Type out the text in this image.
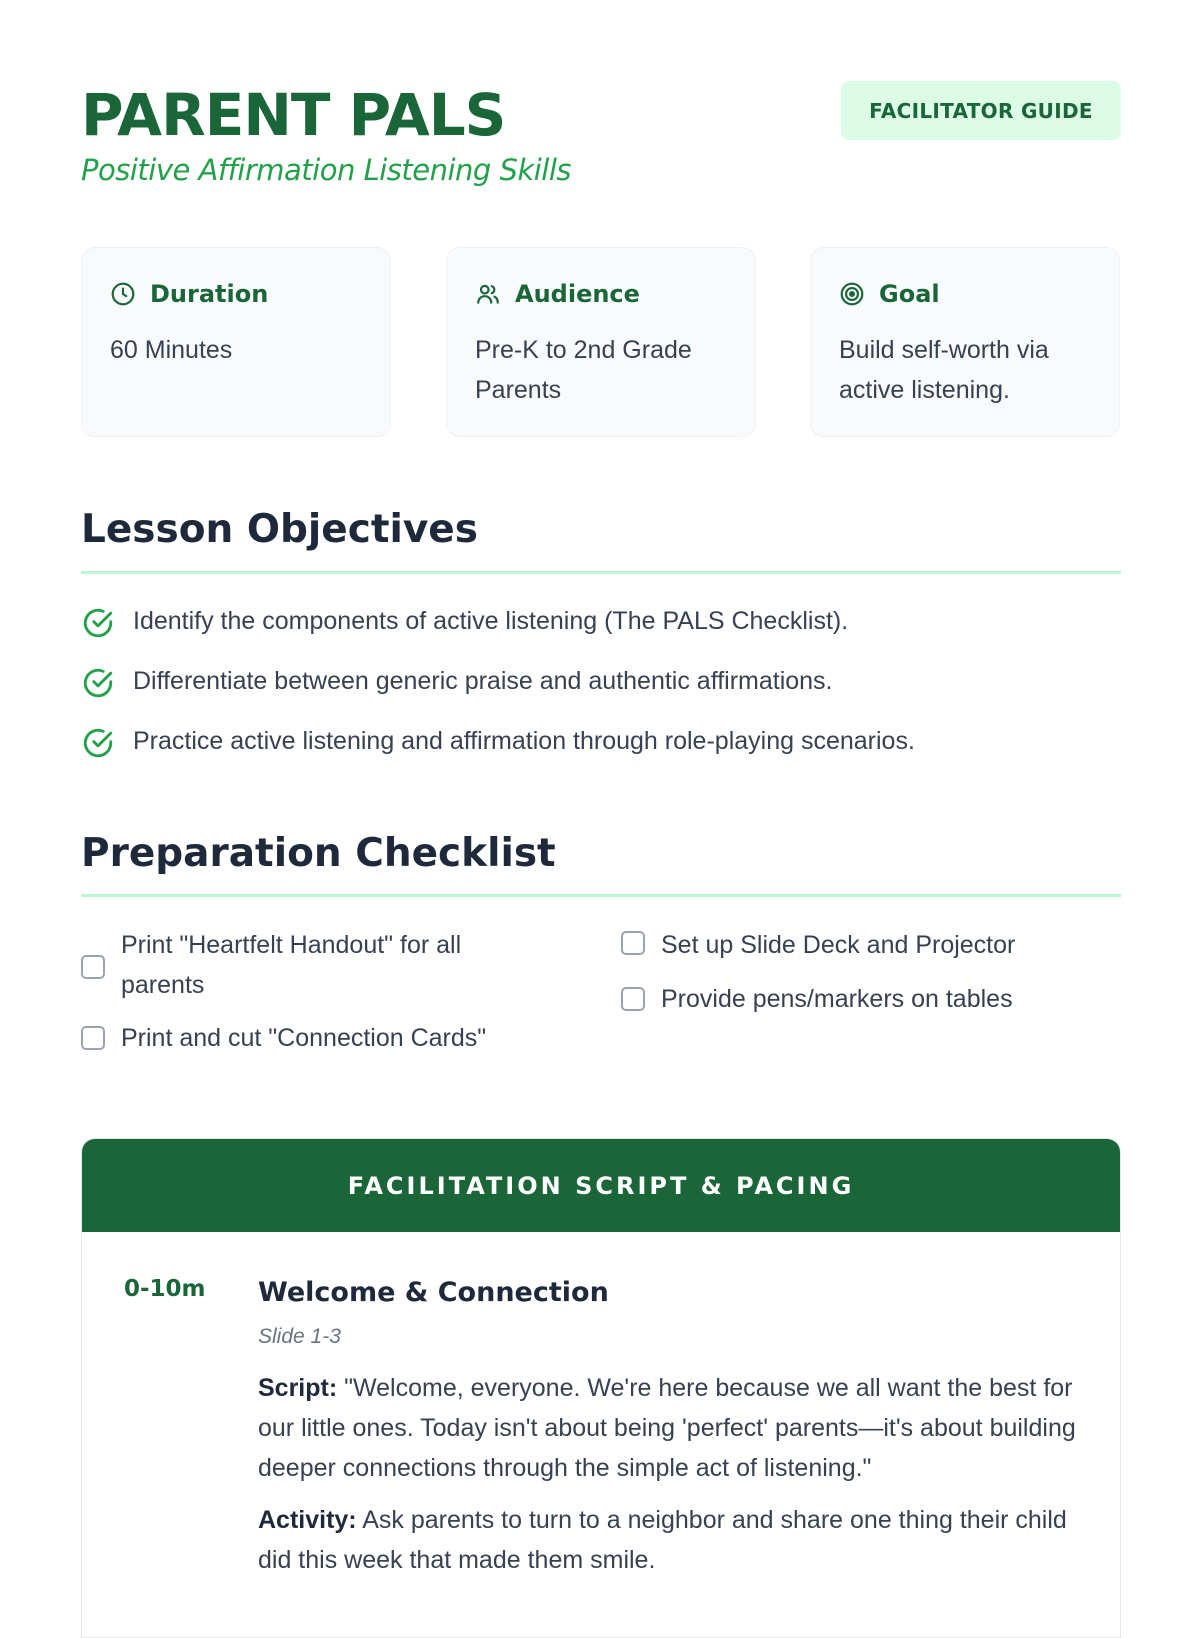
PARENT PALS

Positive Affirmation Listening Skills

FACILITATOR GUIDE
Duration
60 Minutes
Audience
Pre-K to 2nd Grade Parents
Goal
Build self-worth via active listening.
Lesson Objectives
Identify the components of active listening (The PALS Checklist).
Differentiate between generic praise and authentic affirmations.
Practice active listening and affirmation through role-playing scenarios.
Preparation Checklist
Print "Heartfelt Handout" for all parents
Print and cut "Connection Cards"
Set up Slide Deck and Projector
Provide pens/markers on tables
FACILITATION SCRIPT & PACING
0-10m Welcome & Connection
Slide 1-3
Script: "Welcome, everyone. We're here because we all want the best for our little ones. Today isn't about being 'perfect' parents—it's about building deeper connections through the simple act of listening."
Activity: Ask parents to turn to a neighbor and share one thing their child did this week that made them smile.
